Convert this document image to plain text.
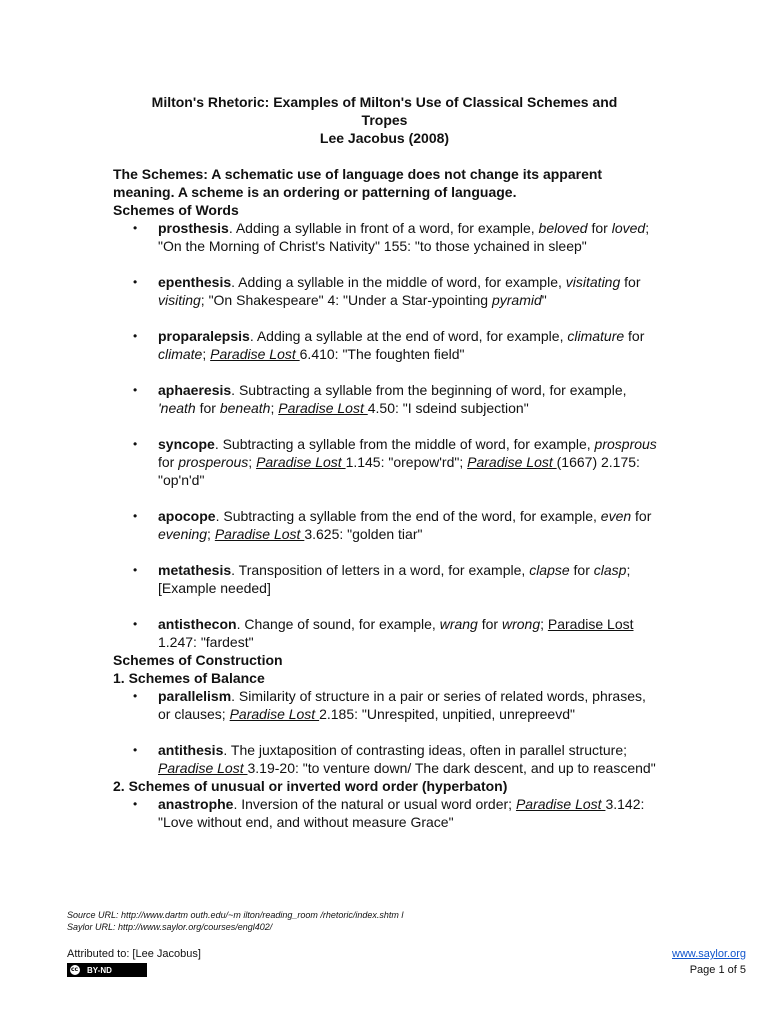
Milton's Rhetoric: Examples of Milton's Use of Classical Schemes and
Tropes
Lee Jacobus (2008)

The Schemes: A schematic use of language does not change its apparent meaning. A scheme is an ordering or patterning of language.

Schemes of Words

• prosthesis. Adding a syllable in front of a word, for example, beloved for loved; "On the Morning of Christ's Nativity" 155: "to those ychained in sleep"
• epenthesis. Adding a syllable in the middle of word, for example, visitating for visiting; "On Shakespeare" 4: "Under a Star-ypointing pyramid"
• proparalepsis. Adding a syllable at the end of word, for example, climature for climate; Paradise Lost 6.410: "The foughten field"
• aphaeresis. Subtracting a syllable from the beginning of word, for example, 'neath for beneath; Paradise Lost 4.50: "I sdeind subjection"
• syncope. Subtracting a syllable from the middle of word, for example, prosprous for prosperous; Paradise Lost 1.145: "orepow'rd"; Paradise Lost (1667) 2.175: "op'n'd"
• apocope. Subtracting a syllable from the end of the word, for example, even for evening; Paradise Lost 3.625: "golden tiar"
• metathesis. Transposition of letters in a word, for example, clapse for clasp; [Example needed]
• antisthecon. Change of sound, for example, wrang for wrong; Paradise Lost 1.247: "fardest"

Schemes of Construction

1. Schemes of Balance

• parallelism. Similarity of structure in a pair or series of related words, phrases, or clauses; Paradise Lost 2.185: "Unrespited, unpitied, unrepreevd"
• antithesis. The juxtaposition of contrasting ideas, often in parallel structure; Paradise Lost 3.19-20: "to venture down/ The dark descent, and up to reascend"

2. Schemes of unusual or inverted word order (hyperbaton)

• anastrophe. Inversion of the natural or usual word order; Paradise Lost 3.142: "Love without end, and without measure Grace"
Source URL: http://www.dartm outh.edu/~m ilton/reading_room /rhetoric/index.shtm l
Saylor URL: http://www.saylor.org/courses/engl402/
Attributed to: [Lee Jacobus]
cc BY-ND
www.saylor.org
Page 1 of 5
